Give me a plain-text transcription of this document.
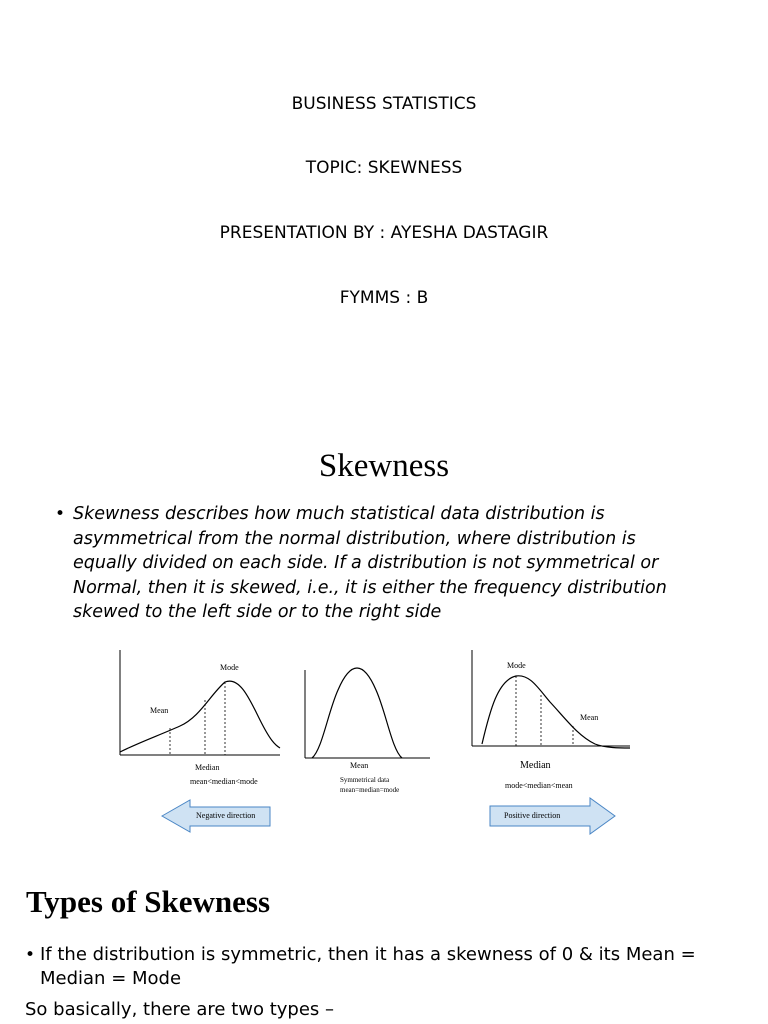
BUSINESS STATISTICS
TOPIC: SKEWNESS
PRESENTATION BY : AYESHA DASTAGIR
FYMMS : B
Skewness
• Skewness describes how much statistical data distribution is asymmetrical from the normal distribution, where distribution is equally divided on each side. If a distribution is not symmetrical or Normal, then it is skewed, i.e., it is either the frequency distribution skewed to the left side or to the right side
Mode
Mean
Median
mean<median<mode
Negative direction
Mean
Symmetrical data
mean=median=mode
Mode
Mean
Median
mode<median<mean
Positive direction
Types of Skewness
• If the distribution is symmetric, then it has a skewness of 0 & its Mean = Median = Mode
So basically, there are two types –
